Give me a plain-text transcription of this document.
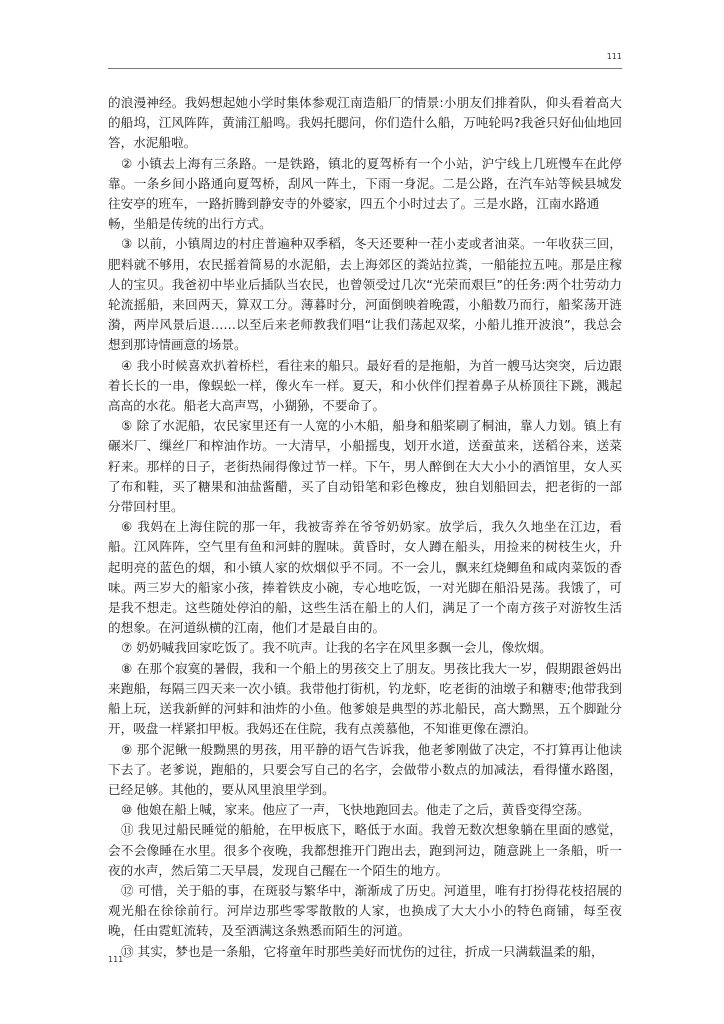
111

的浪漫神经。我妈想起她小学时集体参观江南造船厂的情景:小朋友们排着队，仰头看着高大的船坞，江风阵阵，黄浦江船鸣。我妈托腮问，你们造什么船，万吨轮吗?我爸只好仙仙地回答，水泥船啦。

② 小镇去上海有三条路。一是铁路，镇北的夏驾桥有一个小站，沪宁线上几班慢车在此停靠。一条乡间小路通向夏驾桥，刮风一阵土，下雨一身泥。二是公路，在汽车站等候县城发往安亭的班车，一路折腾到静安寺的外婆家，四五个小时过去了。三是水路，江南水路通

畅，坐船是传统的出行方式。

③ 以前，小镇周边的村庄普遍种双季稻，冬天还要种一茬小麦或者油菜。一年收获三回，肥料就不够用，农民摇着简易的水泥船，去上海郊区的粪站拉粪，一船能拉五吨。那是庄稼人的宝贝。我爸初中毕业后插队当农民，也曾领受过几次“光荣而艰巨”的任务:两个壮劳动力轮流摇船，来回两天，算双工分。薄暮时分，河面倒映着晚霞，小船数乃而行，船桨荡开涟漪，两岸风景后退……以至后来老师教我们唱“让我们荡起双桨，小船儿推开波浪”，我总会想到那诗情画意的场景。

④ 我小时候喜欢扒着桥栏，看往来的船只。最好看的是拖船，为首一艘马达突突，后边跟着长长的一串，像蜈蚣一样，像火车一样。夏天，和小伙伴们捏着鼻子从桥顶往下跳，溅起高高的水花。船老大高声骂，小猢狲，不要命了。

⑤ 除了水泥船，农民家里还有一人宽的小木船，船身和船桨刷了桐油，靠人力划。镇上有碾米厂、缫丝厂和榨油作坊。一大清早，小船摇曳，划开水道，送蚕茧来，送稻谷来，送菜籽来。那样的日子，老街热闹得像过节一样。下午，男人醉倒在大大小小的酒馆里，女人买了布和鞋，买了糖果和油盐酱醋，买了自动铅笔和彩色橡皮，独自划船回去，把老街的一部分带回村里。

⑥ 我妈在上海住院的那一年，我被寄养在爷爷奶奶家。放学后，我久久地坐在江边，看船。江风阵阵，空气里有鱼和河蚌的腥味。黄昏时，女人蹲在船头，用捡来的树枝生火，升起明亮的蓝色的烟，和小镇人家的炊烟似乎不同。不一会儿，飘来红烧鲫鱼和咸肉菜饭的香味。两三岁大的船家小孩，捧着铁皮小碗，专心地吃饭，一对光脚在船沿晃荡。我饿了，可是我不想走。这些随处停泊的船，这些生活在船上的人们，满足了一个南方孩子对游牧生活的想象。在河道纵横的江南，他们才是最自由的。

⑦ 奶奶喊我回家吃饭了。我不吭声。让我的名字在风里多飘一会儿，像炊烟。

⑧ 在那个寂寞的暑假，我和一个船上的男孩交上了朋友。男孩比我大一岁，假期跟爸妈出来跑船，每隔三四天来一次小镇。我带他打街机，钓龙虾，吃老街的油墩子和糖枣;他带我到船上玩，送我新鲜的河蚌和油炸的小鱼。他爹娘是典型的苏北船民，高大黝黑，五个脚趾分开，吸盘一样紧扣甲板。我妈还在住院，我有点羡慕他，不知谁更像在漂泊。

⑨ 那个泥鳅一般黝黑的男孩，用平静的语气告诉我，他老爹刚做了决定，不打算再让他读下去了。老爹说，跑船的，只要会写自己的名字，会做带小数点的加减法，看得懂水路图，已经足够。其他的，要从风里浪里学到。

⑩ 他娘在船上喊，家来。他应了一声，飞快地跑回去。他走了之后，黄昏变得空荡。

⑪ 我见过船民睡觉的船舱，在甲板底下，略低于水面。我曾无数次想象躺在里面的感觉，会不会像睡在水里。很多个夜晚，我都想推开门跑出去，跑到河边，随意跳上一条船，听一夜的水声，然后第二天早晨，发现自己醒在一个陌生的地方。

⑫ 可惜，关于船的事，在斑驳与繁华中，渐渐成了历史。河道里，唯有打扮得花枝招展的观光船在徐徐前行。河岸边那些零零散散的人家，也换成了大大小小的特色商铺，每至夜晚，任由霓虹流转，及至洒满这条熟悉而陌生的河道。

⑬ 其实，梦也是一条船，它将童年时那些美好而忧伤的过往，折成一只满载温柔的船，

111
